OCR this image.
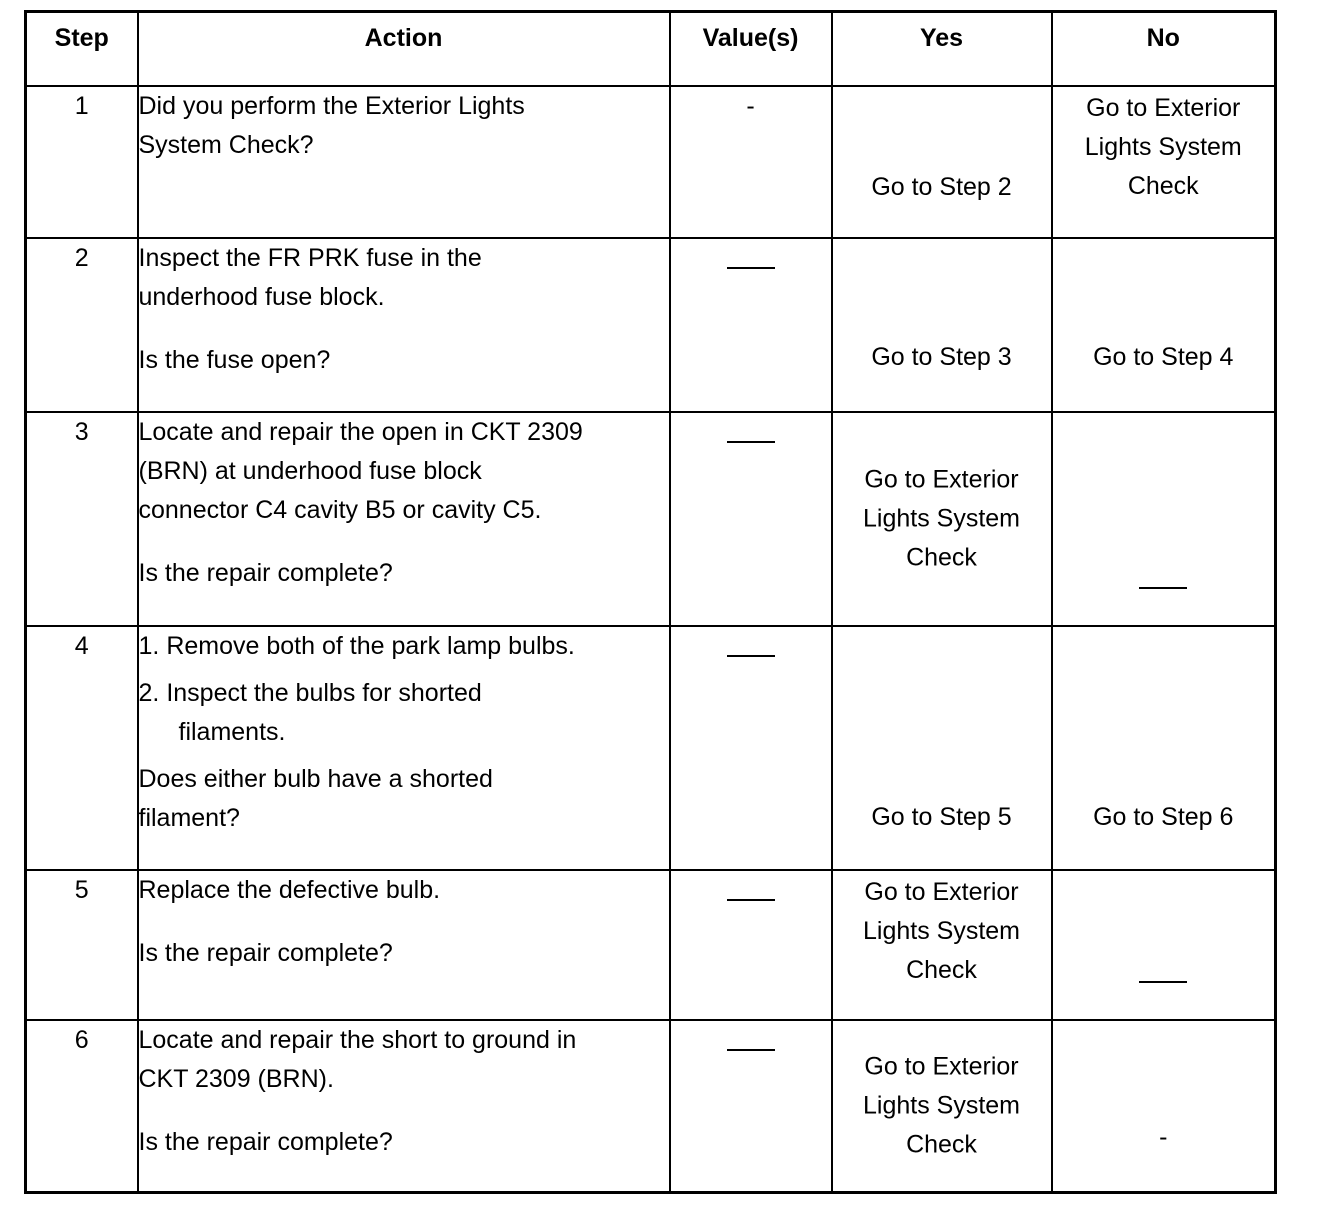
Step	Action	Value(s)	Yes	No
1	Did you perform the Exterior Lights
System Check?	-	Go to Step 2	Go to Exterior
Lights System
Check

2	Inspect the FR PRK fuse in the
underhood fuse block.
Is the fuse open?		Go to Step 3	Go to Step 4

3	Locate and repair the open in CKT 2309
(BRN) at underhood fuse block
connector C4 cavity B5 or cavity C5.
Is the repair complete?		Go to Exterior
Lights System
Check	

4	1. Remove both of the park lamp bulbs.
2. Inspect the bulbs for shorted
filaments.
Does either bulb have a shorted
filament?		Go to Step 5	Go to Step 6

5	Replace the defective bulb.
Is the repair complete?		Go to Exterior
Lights System
Check	

6	Locate and repair the short to ground in
CKT 2309 (BRN).
Is the repair complete?		Go to Exterior
Lights System
Check	-
